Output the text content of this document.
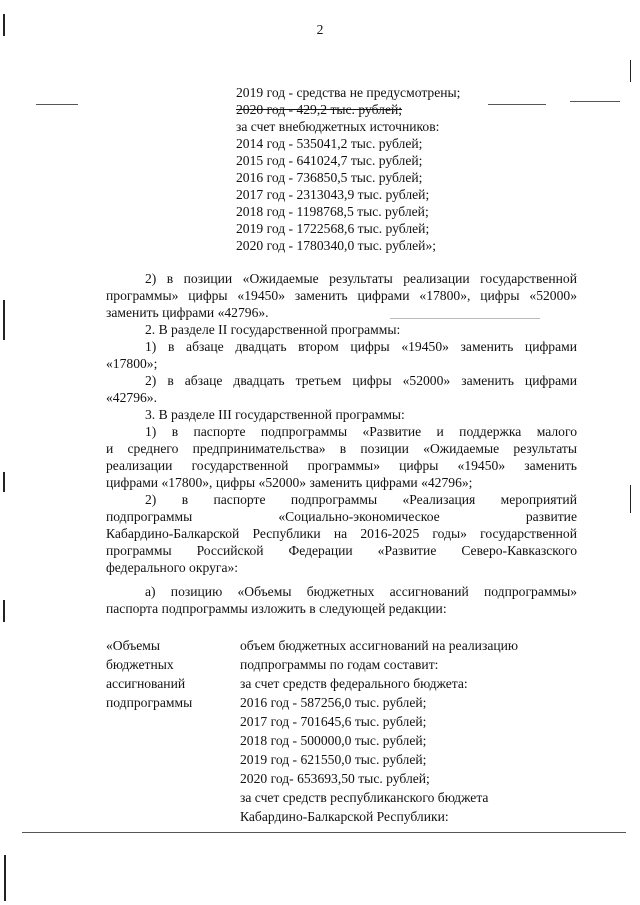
2
2019 год - средства не предусмотрены;
2020 год - 429,2 тыс. рублей;
за счет внебюджетных источников:
2014 год - 535041,2 тыс. рублей;
2015 год - 641024,7 тыс. рублей;
2016 год - 736850,5 тыс. рублей;
2017 год - 2313043,9 тыс. рублей;
2018 год - 1198768,5 тыс. рублей;
2019 год - 1722568,6 тыс. рублей;
2020 год - 1780340,0 тыс. рублей»;
2) в позиции «Ожидаемые результаты реализации государственной
программы» цифры «19450» заменить цифрами «17800», цифры «52000»
заменить цифрами «42796».
2. В разделе II государственной программы:
1) в абзаце двадцать втором цифры «19450» заменить цифрами
«17800»;
2) в абзаце двадцать третьем цифры «52000» заменить цифрами
«42796».
3. В разделе III государственной программы:
1) в паспорте подпрограммы «Развитие и поддержка малого
и среднего предпринимательства» в позиции «Ожидаемые результаты
реализации государственной программы» цифры «19450» заменить
цифрами «17800», цифры «52000» заменить цифрами «42796»;
2) в паспорте подпрограммы «Реализация мероприятий
подпрограммы	«Социально-экономическое	развитие
Кабардино-Балкарской Республики на 2016-2025 годы» государственной
программы Российской Федерации «Развитие Северо-Кавказского
федерального округа»:
а) позицию «Объемы бюджетных ассигнований подпрограммы»
паспорта подпрограммы изложить в следующей редакции:
«Объемы
бюджетных
ассигнований
подпрограммы
объем бюджетных ассигнований на реализацию
подпрограммы по годам составит:
за счет средств федерального бюджета:
2016 год - 587256,0 тыс. рублей;
2017 год - 701645,6 тыс. рублей;
2018 год - 500000,0 тыс. рублей;
2019 год - 621550,0 тыс. рублей;
2020 год- 653693,50 тыс. рублей;
за счет средств республиканского бюджета
Кабардино-Балкарской Республики:
